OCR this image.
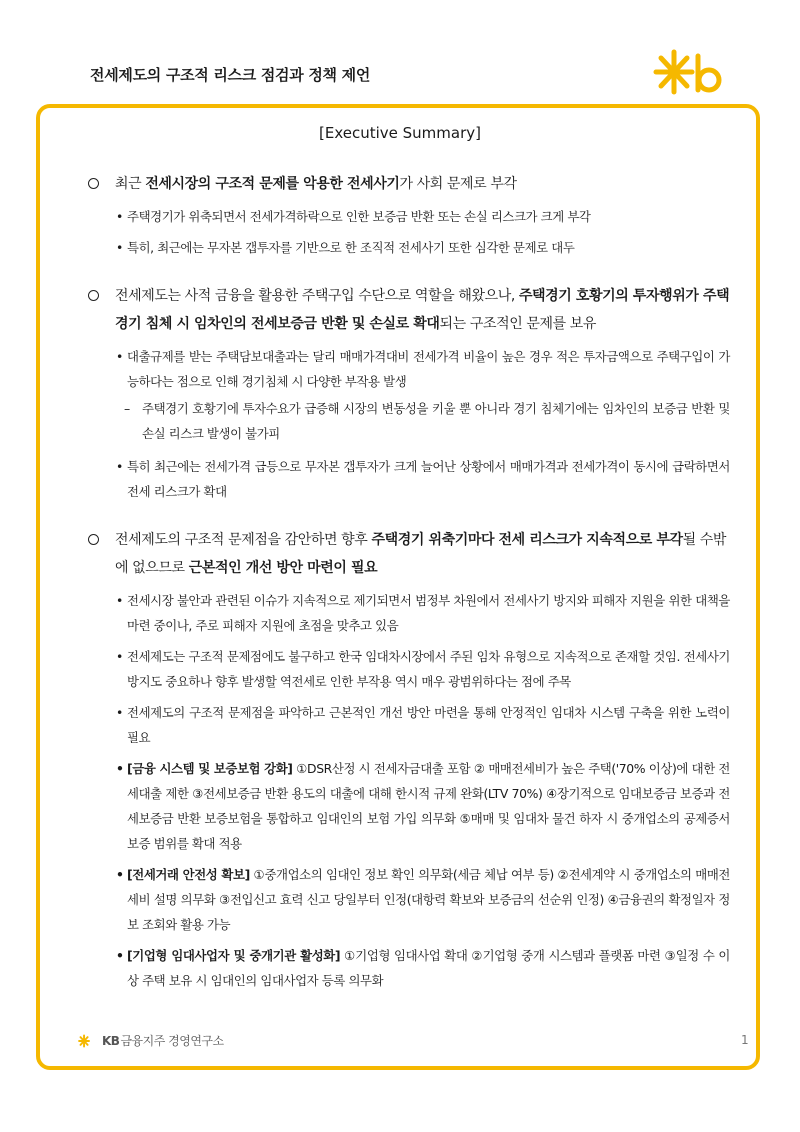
전세제도의 구조적 리스크 점검과 정책 제언
[Executive Summary]
최근 전세시장의 구조적 문제를 악용한 전세사기가 사회 문제로 부각
• 주택경기가 위축되면서 전세가격하락으로 인한 보증금 반환 또는 손실 리스크가 크게 부각
• 특히, 최근에는 무자본 갭투자를 기반으로 한 조직적 전세사기 또한 심각한 문제로 대두
전세제도는 사적 금융을 활용한 주택구입 수단으로 역할을 해왔으나, 주택경기 호황기의 투자행위가 주택경기 침체 시 임차인의 전세보증금 반환 및 손실로 확대되는 구조적인 문제를 보유
• 대출규제를 받는 주택담보대출과는 달리 매매가격대비 전세가격 비율이 높은 경우 적은 투자금액으로 주택구입이 가능하다는 점으로 인해 경기침체 시 다양한 부작용 발생
– 주택경기 호황기에 투자수요가 급증해 시장의 변동성을 키울 뿐 아니라 경기 침체기에는 임차인의 보증금 반환 및 손실 리스크 발생이 불가피
• 특히 최근에는 전세가격 급등으로 무자본 갭투자가 크게 늘어난 상황에서 매매가격과 전세가격이 동시에 급락하면서 전세 리스크가 확대
전세제도의 구조적 문제점을 감안하면 향후 주택경기 위축기마다 전세 리스크가 지속적으로 부각될 수밖에 없으므로 근본적인 개선 방안 마련이 필요
• 전세시장 불안과 관련된 이슈가 지속적으로 제기되면서 범정부 차원에서 전세사기 방지와 피해자 지원을 위한 대책을 마련 중이나, 주로 피해자 지원에 초점을 맞추고 있음
• 전세제도는 구조적 문제점에도 불구하고 한국 임대차시장에서 주된 임차 유형으로 지속적으로 존재할 것임. 전세사기 방지도 중요하나 향후 발생할 역전세로 인한 부작용 역시 매우 광범위하다는 점에 주목
• 전세제도의 구조적 문제점을 파악하고 근본적인 개선 방안 마련을 통해 안정적인 임대차 시스템 구축을 위한 노력이 필요
• [금융 시스템 및 보증보험 강화] ①DSR산정 시 전세자금대출 포함 ② 매매전세비가 높은 주택('70% 이상)에 대한 전세대출 제한 ③전세보증금 반환 용도의 대출에 대해 한시적 규제 완화(LTV 70%) ④장기적으로 임대보증금 보증과 전세보증금 반환 보증보험을 통합하고 임대인의 보험 가입 의무화 ⑤매매 및 임대차 물건 하자 시 중개업소의 공제증서 보증 범위를 확대 적용
• [전세거래 안전성 확보] ①중개업소의 임대인 정보 확인 의무화(세금 체납 여부 등) ②전세계약 시 중개업소의 매매전세비 설명 의무화 ③전입신고 효력 신고 당일부터 인정(대항력 확보와 보증금의 선순위 인정) ④금융권의 확정일자 정보 조회와 활용 가능
• [기업형 임대사업자 및 중개기관 활성화] ①기업형 임대사업 확대 ②기업형 중개 시스템과 플랫폼 마련 ③일정 수 이상 주택 보유 시 임대인의 임대사업자 등록 의무화
KB 금융지주 경영연구소	1
